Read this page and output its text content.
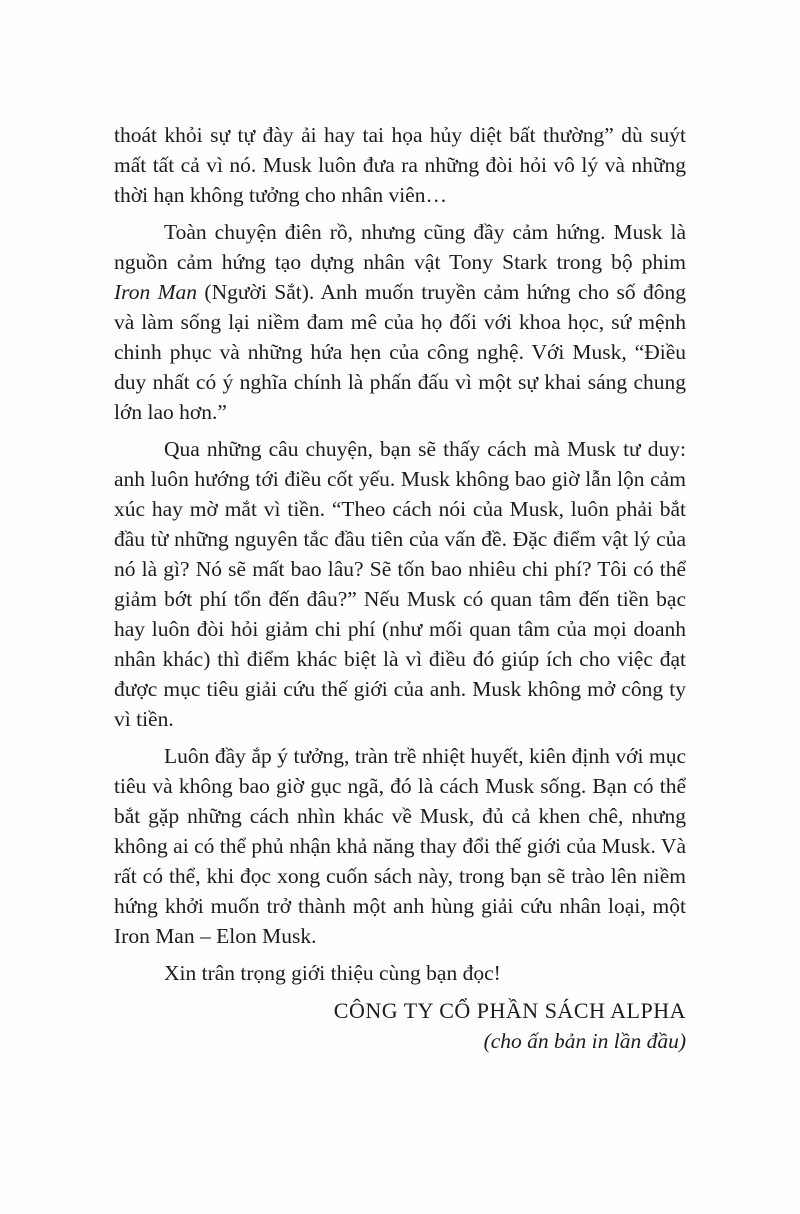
thoát khỏi sự tự đày ải hay tai họa hủy diệt bất thường” dù suýt mất tất cả vì nó. Musk luôn đưa ra những đòi hỏi vô lý và những thời hạn không tưởng cho nhân viên…

Toàn chuyện điên rồ, nhưng cũng đầy cảm hứng. Musk là nguồn cảm hứng tạo dựng nhân vật Tony Stark trong bộ phim Iron Man (Người Sắt). Anh muốn truyền cảm hứng cho số đông và làm sống lại niềm đam mê của họ đối với khoa học, sứ mệnh chinh phục và những hứa hẹn của công nghệ. Với Musk, “Điều duy nhất có ý nghĩa chính là phấn đấu vì một sự khai sáng chung lớn lao hơn.”

Qua những câu chuyện, bạn sẽ thấy cách mà Musk tư duy: anh luôn hướng tới điều cốt yếu. Musk không bao giờ lẫn lộn cảm xúc hay mờ mắt vì tiền. “Theo cách nói của Musk, luôn phải bắt đầu từ những nguyên tắc đầu tiên của vấn đề. Đặc điểm vật lý của nó là gì? Nó sẽ mất bao lâu? Sẽ tốn bao nhiêu chi phí? Tôi có thể giảm bớt phí tổn đến đâu?” Nếu Musk có quan tâm đến tiền bạc hay luôn đòi hỏi giảm chi phí (như mối quan tâm của mọi doanh nhân khác) thì điểm khác biệt là vì điều đó giúp ích cho việc đạt được mục tiêu giải cứu thế giới của anh. Musk không mở công ty vì tiền.

Luôn đầy ắp ý tưởng, tràn trề nhiệt huyết, kiên định với mục tiêu và không bao giờ gục ngã, đó là cách Musk sống. Bạn có thể bắt gặp những cách nhìn khác về Musk, đủ cả khen chê, nhưng không ai có thể phủ nhận khả năng thay đổi thế giới của Musk. Và rất có thể, khi đọc xong cuốn sách này, trong bạn sẽ trào lên niềm hứng khởi muốn trở thành một anh hùng giải cứu nhân loại, một Iron Man – Elon Musk.

Xin trân trọng giới thiệu cùng bạn đọc!

CÔNG TY CỔ PHẦN SÁCH ALPHA

(cho ấn bản in lần đầu)
